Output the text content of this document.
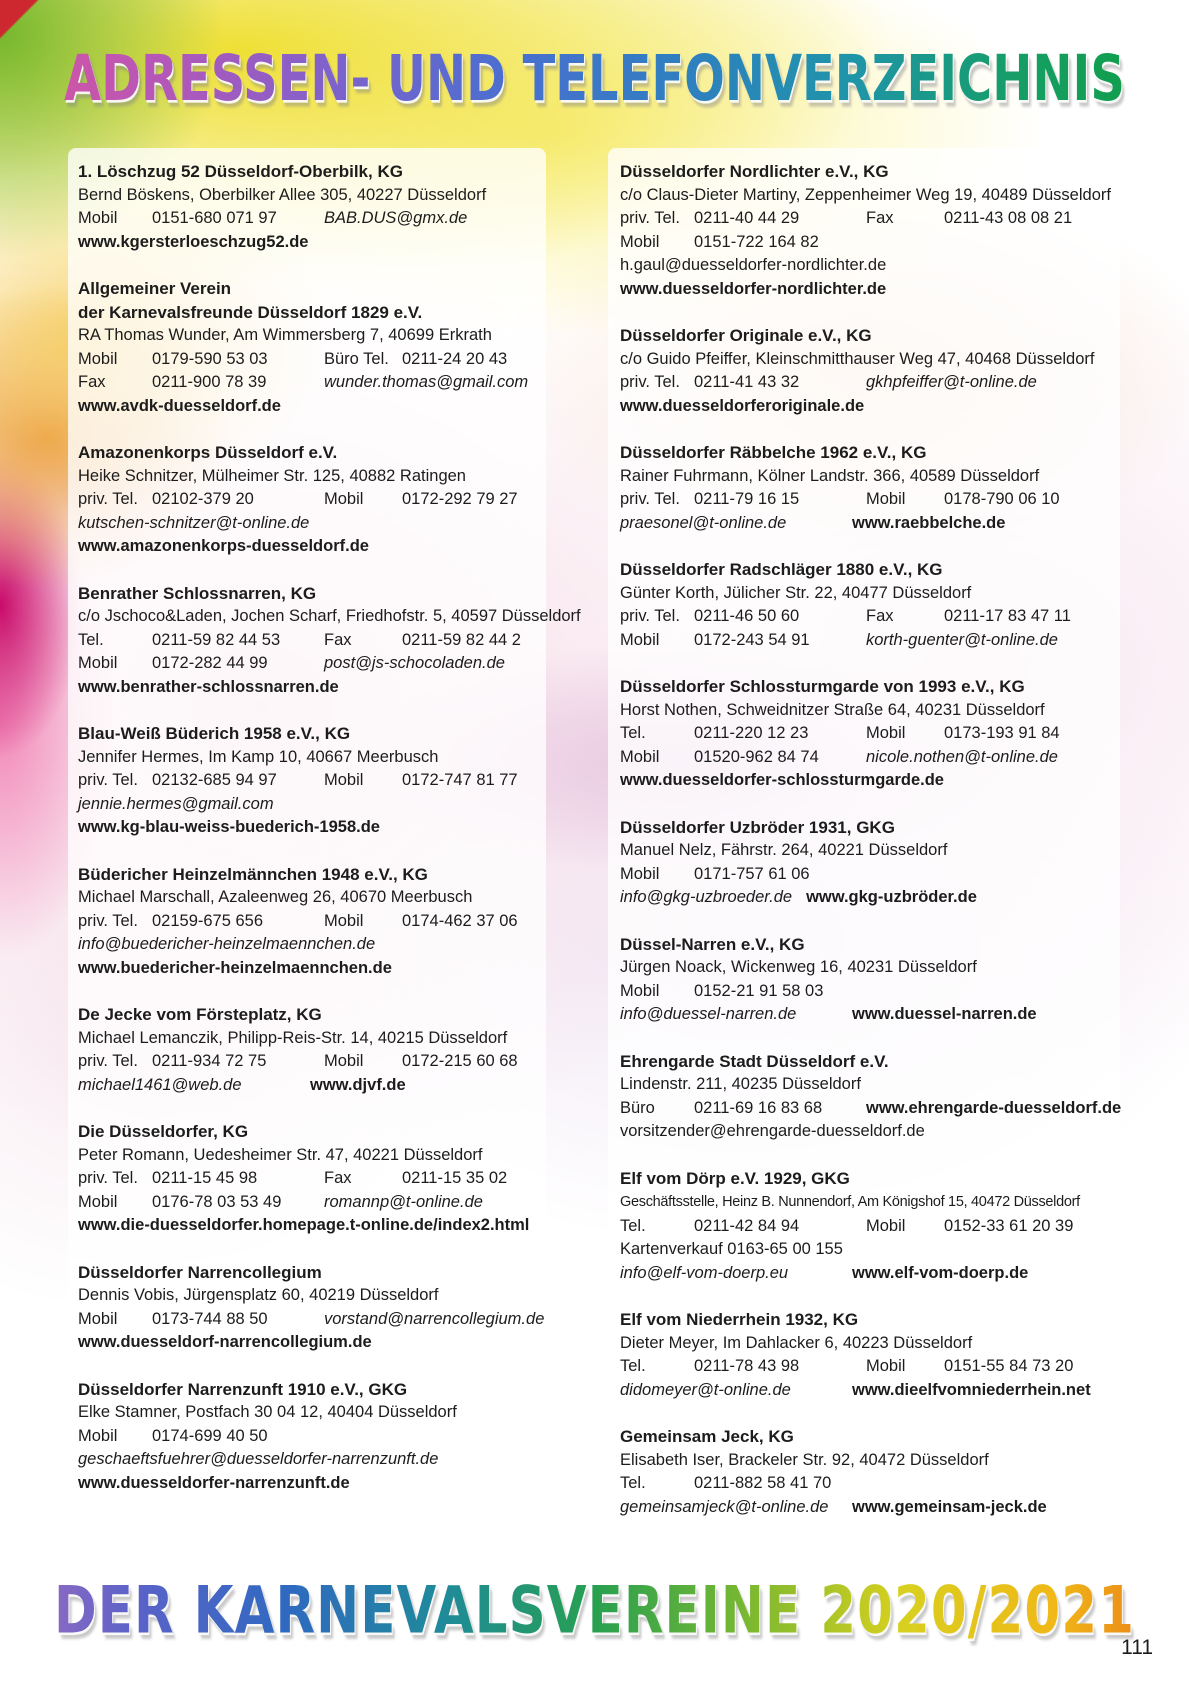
ADRESSEN- UND TELEFONVERZEICHNIS
1. Löschzug 52 Düsseldorf-Oberbilk, KG
Bernd Böskens, Oberbilker Allee 305, 40227 Düsseldorf
Mobil 0151-680 071 97	BAB.DUS@gmx.de
www.kgersterloeschzug52.de
Allgemeiner Verein
der Karnevalsfreunde Düsseldorf 1829 e.V.
RA Thomas Wunder, Am Wimmersberg 7, 40699 Erkrath
Mobil 0179-590 53 03	Büro Tel. 0211-24 20 43
Fax	0211-900 78 39	wunder.thomas@gmail.com
www.avdk-duesseldorf.de
Amazonenkorps Düsseldorf e.V.
Heike Schnitzer, Mülheimer Str. 125, 40882 Ratingen
priv. Tel. 02102-379 20	Mobil 0172-292 79 27
kutschen-schnitzer@t-online.de
www.amazonenkorps-duesseldorf.de
Benrather Schlossnarren, KG
c/o Jschoco&Laden, Jochen Scharf, Friedhofstr. 5, 40597 Düsseldorf
Tel.	0211-59 82 44 53	Fax	0211-59 82 44 2
Mobil 0172-282 44 99	post@js-schocoladen.de
www.benrather-schlossnarren.de
Blau-Weiß Büderich 1958 e.V., KG
Jennifer Hermes, Im Kamp 10, 40667 Meerbusch
priv. Tel. 02132-685 94 97	Mobil 0172-747 81 77
jennie.hermes@gmail.com
www.kg-blau-weiss-buederich-1958.de
Büdericher Heinzelmännchen 1948 e.V., KG
Michael Marschall, Azaleenweg 26, 40670 Meerbusch
priv. Tel. 02159-675 656	Mobil 0174-462 37 06
info@buedericher-heinzelmaennchen.de
www.buedericher-heinzelmaennchen.de
De Jecke vom Försteplatz, KG
Michael Lemanczik, Philipp-Reis-Str. 14, 40215 Düsseldorf
priv. Tel. 0211-934 72 75	Mobil 0172-215 60 68
michael1461@web.de	www.djvf.de
Die Düsseldorfer, KG
Peter Romann, Uedesheimer Str. 47, 40221 Düsseldorf
priv. Tel. 0211-15 45 98	Fax	0211-15 35 02
Mobil 0176-78 03 53 49	romannp@t-online.de
www.die-duesseldorfer.homepage.t-online.de/index2.html
Düsseldorfer Narrencollegium
Dennis Vobis, Jürgensplatz 60, 40219 Düsseldorf
Mobil 0173-744 88 50	vorstand@narrencollegium.de
www.duesseldorf-narrencollegium.de
Düsseldorfer Narrenzunft 1910 e.V., GKG
Elke Stamner, Postfach 30 04 12, 40404 Düsseldorf
Mobil 0174-699 40 50
geschaeftsfuehrer@duesseldorfer-narrenzunft.de
www.duesseldorfer-narrenzunft.de
Düsseldorfer Nordlichter e.V., KG
c/o Claus-Dieter Martiny, Zeppenheimer Weg 19, 40489 Düsseldorf
priv. Tel. 0211-40 44 29	Fax	0211-43 08 08 21
Mobil 0151-722 164 82
h.gaul@duesseldorfer-nordlichter.de
www.duesseldorfer-nordlichter.de
Düsseldorfer Originale e.V., KG
c/o Guido Pfeiffer, Kleinschmitthauser Weg 47, 40468 Düsseldorf
priv. Tel. 0211-41 43 32	gkhpfeiffer@t-online.de
www.duesseldorferoriginale.de
Düsseldorfer Räbbelche 1962 e.V., KG
Rainer Fuhrmann, Kölner Landstr. 366, 40589 Düsseldorf
priv. Tel. 0211-79 16 15	Mobil 0178-790 06 10
praesonel@t-online.de	www.raebbelche.de
Düsseldorfer Radschläger 1880 e.V., KG
Günter Korth, Jülicher Str. 22, 40477 Düsseldorf
priv. Tel. 0211-46 50 60	Fax	0211-17 83 47 11
Mobil 0172-243 54 91	korth-guenter@t-online.de
Düsseldorfer Schlossturmgarde von 1993 e.V., KG
Horst Nothen, Schweidnitzer Straße 64, 40231 Düsseldorf
Tel.	0211-220 12 23	Mobil 0173-193 91 84
Mobil 01520-962 84 74	nicole.nothen@t-online.de
www.duesseldorfer-schlossturmgarde.de
Düsseldorfer Uzbröder 1931, GKG
Manuel Nelz, Fährstr. 264, 40221 Düsseldorf
Mobil 0171-757 61 06
info@gkg-uzbroeder.de www.gkg-uzbröder.de
Düssel-Narren e.V., KG
Jürgen Noack, Wickenweg 16, 40231 Düsseldorf
Mobil 0152-21 91 58 03
info@duessel-narren.de	www.duessel-narren.de
Ehrengarde Stadt Düsseldorf e.V.
Lindenstr. 211, 40235 Düsseldorf
Büro 0211-69 16 83 68	www.ehrengarde-duesseldorf.de
vorsitzender@ehrengarde-duesseldorf.de
Elf vom Dörp e.V. 1929, GKG
Geschäftsstelle, Heinz B. Nunnendorf, Am Königshof 15, 40472 Düsseldorf
Tel.	0211-42 84 94	Mobil 0152-33 61 20 39
Kartenverkauf 0163-65 00 155
info@elf-vom-doerp.eu	www.elf-vom-doerp.de
Elf vom Niederrhein 1932, KG
Dieter Meyer, Im Dahlacker 6, 40223 Düsseldorf
Tel.	0211-78 43 98	Mobil 0151-55 84 73 20
didomeyer@t-online.de	www.dieelfvomniederrhein.net
Gemeinsam Jeck, KG
Elisabeth Iser, Brackeler Str. 92, 40472 Düsseldorf
Tel.	0211-882 58 41 70
gemeinsamjeck@t-online.de www.gemeinsam-jeck.de
DER KARNEVALSVEREINE 2020/2021
111
